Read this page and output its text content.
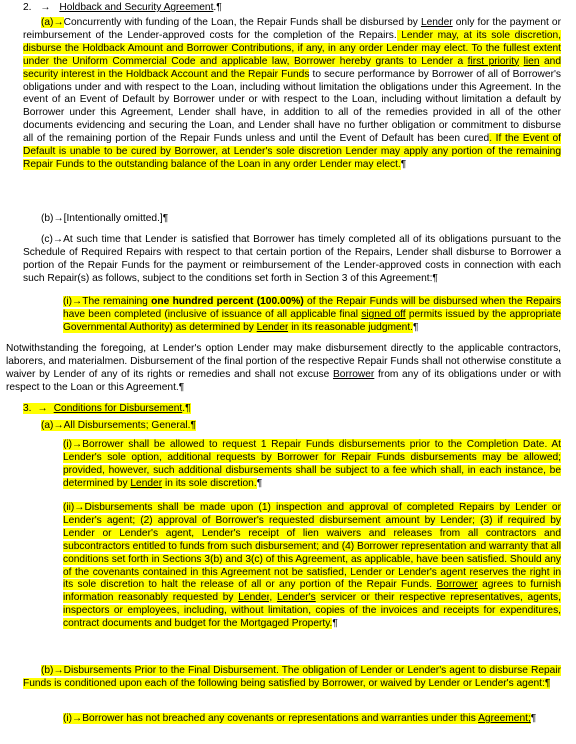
2. → Holdback and Security Agreement.¶
(a)→Concurrently with funding of the Loan, the Repair Funds shall be disbursed by Lender only for the payment or reimbursement of the Lender-approved costs for the completion of the Repairs. Lender may, at its sole discretion, disburse the Holdback Amount and Borrower Contributions, if any, in any order Lender may elect. To the fullest extent under the Uniform Commercial Code and applicable law, Borrower hereby grants to Lender a first priority lien and security interest in the Holdback Account and the Repair Funds to secure performance by Borrower of all of Borrower's obligations under and with respect to the Loan, including without limitation the obligations under this Agreement. In the event of an Event of Default by Borrower under or with respect to the Loan, including without limitation a default by Borrower under this Agreement, Lender shall have, in addition to all of the remedies provided in all of the other documents evidencing and securing the Loan, and Lender shall have no further obligation or commitment to disburse all of the remaining portion of the Repair Funds unless and until the Event of Default has been cured. If the Event of Default is unable to be cured by Borrower, at Lender's sole discretion Lender may apply any portion of the remaining Repair Funds to the outstanding balance of the Loan in any order Lender may elect.¶
(b)→[Intentionally omitted.]¶
(c)→At such time that Lender is satisfied that Borrower has timely completed all of its obligations pursuant to the Schedule of Required Repairs with respect to that certain portion of the Repairs, Lender shall disburse to Borrower a portion of the Repair Funds for the payment or reimbursement of the Lender-approved costs in connection with each such Repair(s) as follows, subject to the conditions set forth in Section 3 of this Agreement:¶
(i)→The remaining one hundred percent (100.00%) of the Repair Funds will be disbursed when the Repairs have been completed (inclusive of issuance of all applicable final signed off permits issued by the appropriate Governmental Authority) as determined by Lender in its reasonable judgment.¶
Notwithstanding the foregoing, at Lender's option Lender may make disbursement directly to the applicable contractors, laborers, and materialmen. Disbursement of the final portion of the respective Repair Funds shall not otherwise constitute a waiver by Lender of any of its rights or remedies and shall not excuse Borrower from any of its obligations under or with respect to the Loan or this Agreement.¶
3. → Conditions for Disbursement.¶
(a)→All Disbursements; General.¶
(i)→Borrower shall be allowed to request 1 Repair Funds disbursements prior to the Completion Date. At Lender's sole option, additional requests by Borrower for Repair Funds disbursements may be allowed; provided, however, such additional disbursements shall be subject to a fee which shall, in each instance, be determined by Lender in its sole discretion.¶
(ii)→Disbursements shall be made upon (1) inspection and approval of completed Repairs by Lender or Lender's agent; (2) approval of Borrower's requested disbursement amount by Lender; (3) if required by Lender or Lender's agent, Lender's receipt of lien waivers and releases from all contractors and subcontractors entitled to funds from such disbursement; and (4) Borrower representation and warranty that all conditions set forth in Sections 3(b) and 3(c) of this Agreement, as applicable, have been satisfied. Should any of the covenants contained in this Agreement not be satisfied, Lender or Lender's agent reserves the right in its sole discretion to halt the release of all or any portion of the Repair Funds. Borrower agrees to furnish information reasonably requested by Lender, Lender's servicer or their respective representatives, agents, inspectors or employees, including, without limitation, copies of the invoices and receipts for expenditures, contract documents and budget for the Mortgaged Property.¶
(b)→Disbursements Prior to the Final Disbursement. The obligation of Lender or Lender's agent to disburse Repair Funds is conditioned upon each of the following being satisfied by Borrower, or waived by Lender or Lender's agent:¶
(i)→Borrower has not breached any covenants or representations and warranties under this Agreement;¶
